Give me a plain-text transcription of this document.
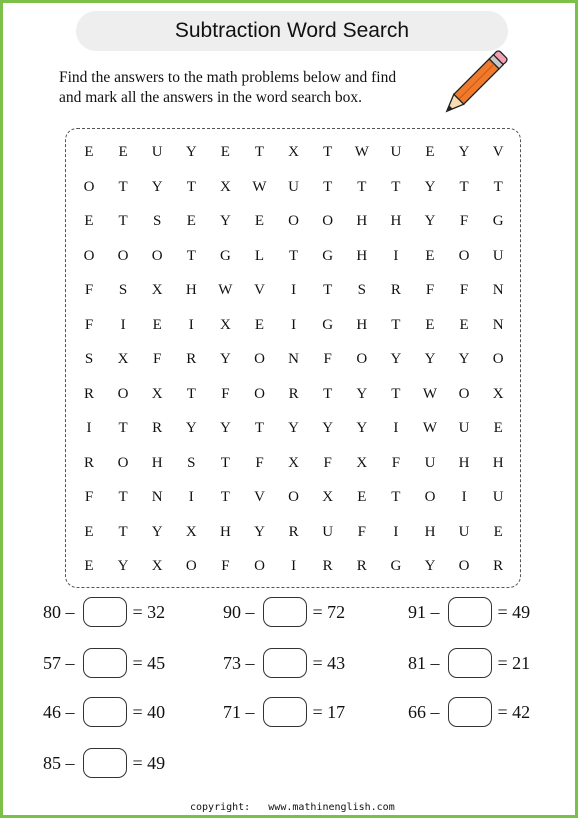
Subtraction Word Search
Find the answers to the math problems below and find
and mark all the answers in the word search box.
E	E	U	Y	E	T	X	T	W	U	E	Y	V
O	T	Y	T	X	W	U	T	T	T	Y	T	T
E	T	S	E	Y	E	O	O	H	H	Y	F	G
O	O	O	T	G	L	T	G	H	I	E	O	U
F	S	X	H	W	V	I	T	S	R	F	F	N
F	I	E	I	X	E	I	G	H	T	E	E	N
S	X	F	R	Y	O	N	F	O	Y	Y	Y	O
R	O	X	T	F	O	R	T	Y	T	W	O	X
I	T	R	Y	Y	T	Y	Y	Y	I	W	U	E
R	O	H	S	T	F	X	F	X	F	U	H	H
F	T	N	I	T	V	O	X	E	T	O	I	U
E	T	Y	X	H	Y	R	U	F	I	H	U	E
E	Y	X	O	F	O	I	R	R	G	Y	O	R
80 –	= 32	90 –	= 72	91 –	= 49
57 –	= 45	73 –	= 43	81 –	= 21
46 –	= 40	71 –	= 17	66 –	= 42
85 –	= 49
copyright: www.mathinenglish.com
